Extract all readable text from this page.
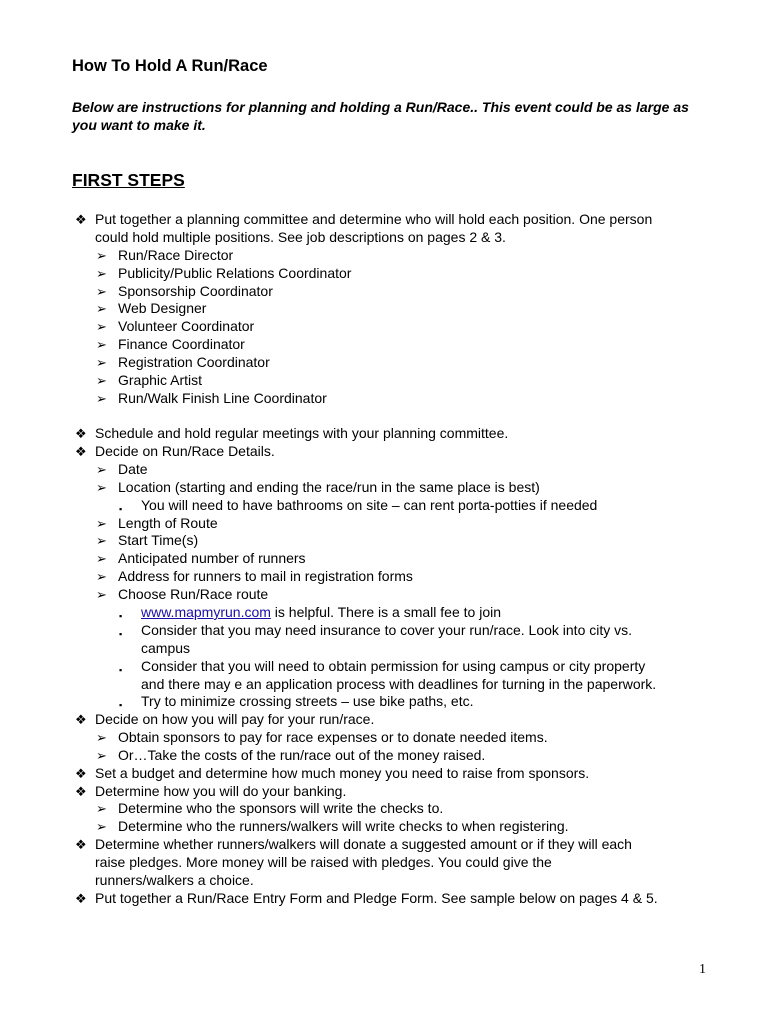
How To Hold A Run/Race

Below are instructions for planning and holding a Run/Race.. This event could be as large as you want to make it.

FIRST STEPS
❖ Put together a planning committee and determine who will hold each position. One person
could hold multiple positions. See job descriptions on pages 2 & 3.
➢ Run/Race Director
➢ Publicity/Public Relations Coordinator
➢ Sponsorship Coordinator
➢ Web Designer
➢ Volunteer Coordinator
➢ Finance Coordinator
➢ Registration Coordinator
➢ Graphic Artist
➢ Run/Walk Finish Line Coordinator
❖ Schedule and hold regular meetings with your planning committee.
❖ Decide on Run/Race Details.
➢ Date
➢ Location (starting and ending the race/run in the same place is best)
▪ You will need to have bathrooms on site – can rent porta-potties if needed
➢ Length of Route
➢ Start Time(s)
➢ Anticipated number of runners
➢ Address for runners to mail in registration forms
➢ Choose Run/Race route
▪ www.mapmyrun.com is helpful. There is a small fee to join
▪ Consider that you may need insurance to cover your run/race. Look into city vs.
campus
▪ Consider that you will need to obtain permission for using campus or city property
and there may e an application process with deadlines for turning in the paperwork.
▪ Try to minimize crossing streets – use bike paths, etc.
❖ Decide on how you will pay for your run/race.
➢ Obtain sponsors to pay for race expenses or to donate needed items.
➢ Or…Take the costs of the run/race out of the money raised.
❖ Set a budget and determine how much money you need to raise from sponsors.
❖ Determine how you will do your banking.
➢ Determine who the sponsors will write the checks to.
➢ Determine who the runners/walkers will write checks to when registering.
❖ Determine whether runners/walkers will donate a suggested amount or if they will each
raise pledges. More money will be raised with pledges. You could give the
runners/walkers a choice.
❖ Put together a Run/Race Entry Form and Pledge Form. See sample below on pages 4 & 5.
1
